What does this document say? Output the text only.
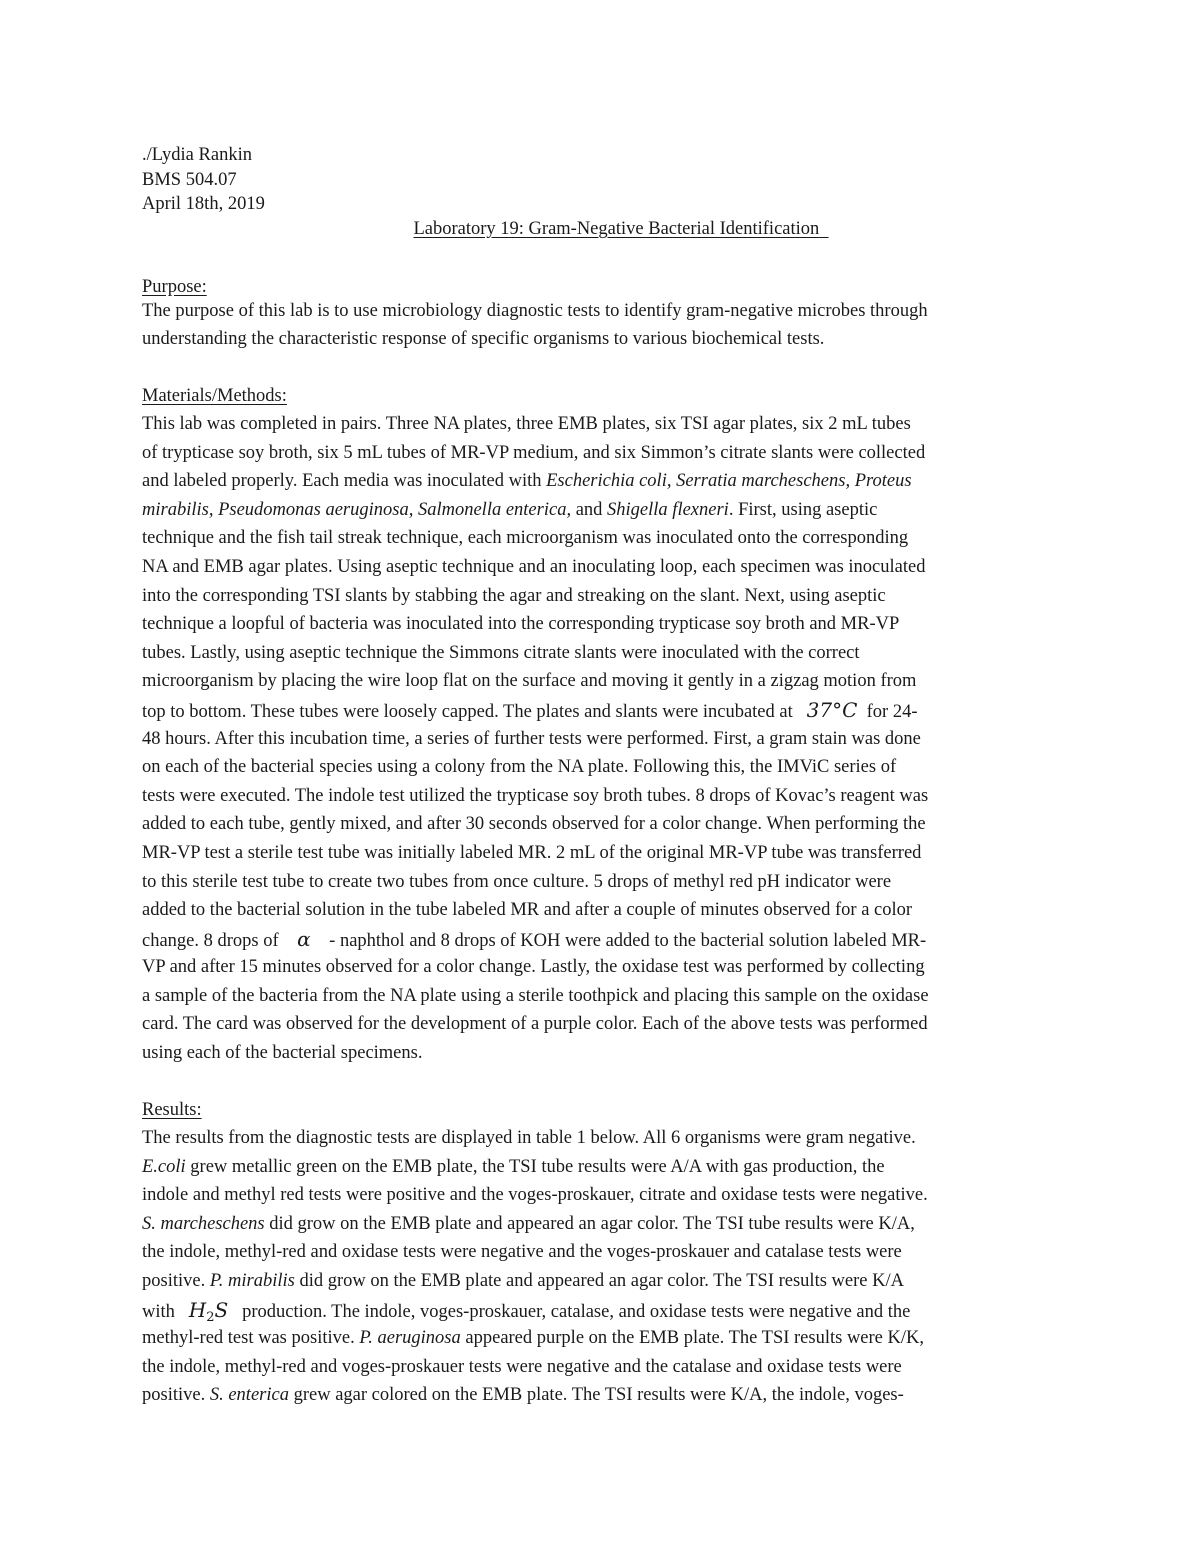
./Lydia Rankin
BMS 504.07
April 18th, 2019
Laboratory 19: Gram-Negative Bacterial Identification
Purpose:
The purpose of this lab is to use microbiology diagnostic tests to identify gram-negative microbes through
understanding the characteristic response of specific organisms to various biochemical tests.
Materials/Methods:
This lab was completed in pairs. Three NA plates, three EMB plates, six TSI agar plates, six 2 mL tubes
of trypticase soy broth, six 5 mL tubes of MR-VP medium, and six Simmon’s citrate slants were collected
and labeled properly. Each media was inoculated with Escherichia coli, Serratia marcheschens, Proteus
mirabilis, Pseudomonas aeruginosa, Salmonella enterica, and Shigella flexneri. First, using aseptic
technique and the fish tail streak technique, each microorganism was inoculated onto the corresponding
NA and EMB agar plates. Using aseptic technique and an inoculating loop, each specimen was inoculated
into the corresponding TSI slants by stabbing the agar and streaking on the slant. Next, using aseptic
technique a loopful of bacteria was inoculated into the corresponding trypticase soy broth and MR-VP
tubes. Lastly, using aseptic technique the Simmons citrate slants were inoculated with the correct
microorganism by placing the wire loop flat on the surface and moving it gently in a zigzag motion from
top to bottom. These tubes were loosely capped. The plates and slants were incubated at   37°C  for 24-
48 hours. After this incubation time, a series of further tests were performed. First, a gram stain was done
on each of the bacterial species using a colony from the NA plate. Following this, the IMViC series of
tests were executed. The indole test utilized the trypticase soy broth tubes. 8 drops of Kovac’s reagent was
added to each tube, gently mixed, and after 30 seconds observed for a color change. When performing the
MR-VP test a sterile test tube was initially labeled MR. 2 mL of the original MR-VP tube was transferred
to this sterile test tube to create two tubes from once culture. 5 drops of methyl red pH indicator were
added to the bacterial solution in the tube labeled MR and after a couple of minutes observed for a color
change. 8 drops of    α    - naphthol and 8 drops of KOH were added to the bacterial solution labeled MR-
VP and after 15 minutes observed for a color change. Lastly, the oxidase test was performed by collecting
a sample of the bacteria from the NA plate using a sterile toothpick and placing this sample on the oxidase
card. The card was observed for the development of a purple color. Each of the above tests was performed
using each of the bacterial specimens.
Results:
The results from the diagnostic tests are displayed in table 1 below. All 6 organisms were gram negative.
E.coli grew metallic green on the EMB plate, the TSI tube results were A/A with gas production, the
indole and methyl red tests were positive and the voges-proskauer, citrate and oxidase tests were negative.
S. marcheschens did grow on the EMB plate and appeared an agar color. The TSI tube results were K/A,
the indole, methyl-red and oxidase tests were negative and the voges-proskauer and catalase tests were
positive. P. mirabilis did grow on the EMB plate and appeared an agar color. The TSI results were K/A
with   $H_2S$   production. The indole, voges-proskauer, catalase, and oxidase tests were negative and the
methyl-red test was positive. P. aeruginosa appeared purple on the EMB plate. The TSI results were K/K,
the indole, methyl-red and voges-proskauer tests were negative and the catalase and oxidase tests were
positive. S. enterica grew agar colored on the EMB plate. The TSI results were K/A, the indole, voges-
